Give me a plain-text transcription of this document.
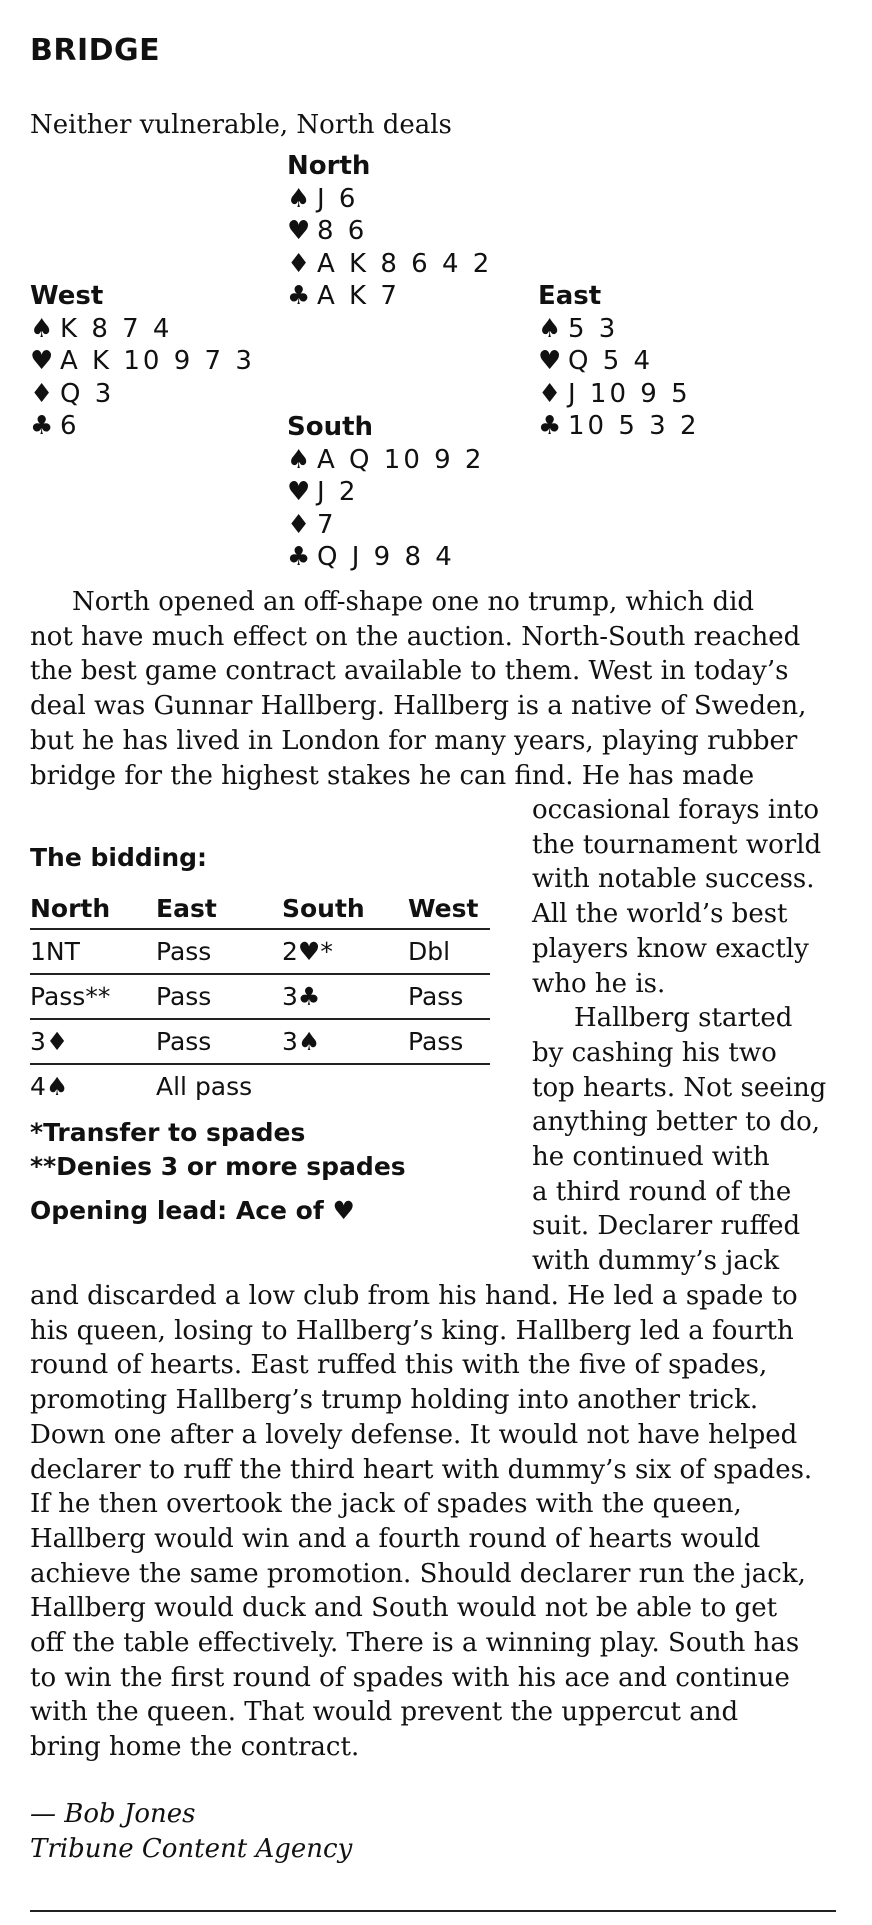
BRIDGE
Neither vulnerable, North deals
North
♠ J 6
♥ 8 6
♦ A K 8 6 4 2
♣ A K 7
West
♠ K 8 7 4
♥ A K 10 9 7 3
♦ Q 3
♣ 6
East
♠ 5 3
♥ Q 5 4
♦ J 10 9 5
♣ 10 5 3 2
South
♠ A Q 10 9 2
♥ J 2
♦ 7
♣ Q J 9 8 4

North opened an off-shape one no trump, which did

not have much effect on the auction. North-South reached

the best game contract available to them. West in today’s

deal was Gunnar Hallberg. Hallberg is a native of Sweden,

but he has lived in London for many years, playing rubber

bridge for the highest stakes he can find. He has made

occasional forays into

the tournament world

with notable success.

All the world’s best

players know exactly

who he is.

Hallberg started

by cashing his two

top hearts. Not seeing

anything better to do,

he continued with

a third round of the

suit. Declarer ruffed

with dummy’s jack

The bidding:
North	East	South	West
1NT	Pass	2♥*	Dbl
Pass**	Pass	3♣	Pass
3♦	Pass	3♠	Pass
4♠	All pass		
*Transfer to spades
**Denies 3 or more spades
Opening lead: Ace of ♥

and discarded a low club from his hand. He led a spade to

his queen, losing to Hallberg’s king. Hallberg led a fourth

round of hearts. East ruffed this with the five of spades,

promoting Hallberg’s trump holding into another trick.

Down one after a lovely defense. It would not have helped

declarer to ruff the third heart with dummy’s six of spades.

If he then overtook the jack of spades with the queen,

Hallberg would win and a fourth round of hearts would

achieve the same promotion. Should declarer run the jack,

Hallberg would duck and South would not be able to get

off the table effectively. There is a winning play. South has

to win the first round of spades with his ace and continue

with the queen. That would prevent the uppercut and

bring home the contract.

— Bob Jones
Tribune Content Agency
